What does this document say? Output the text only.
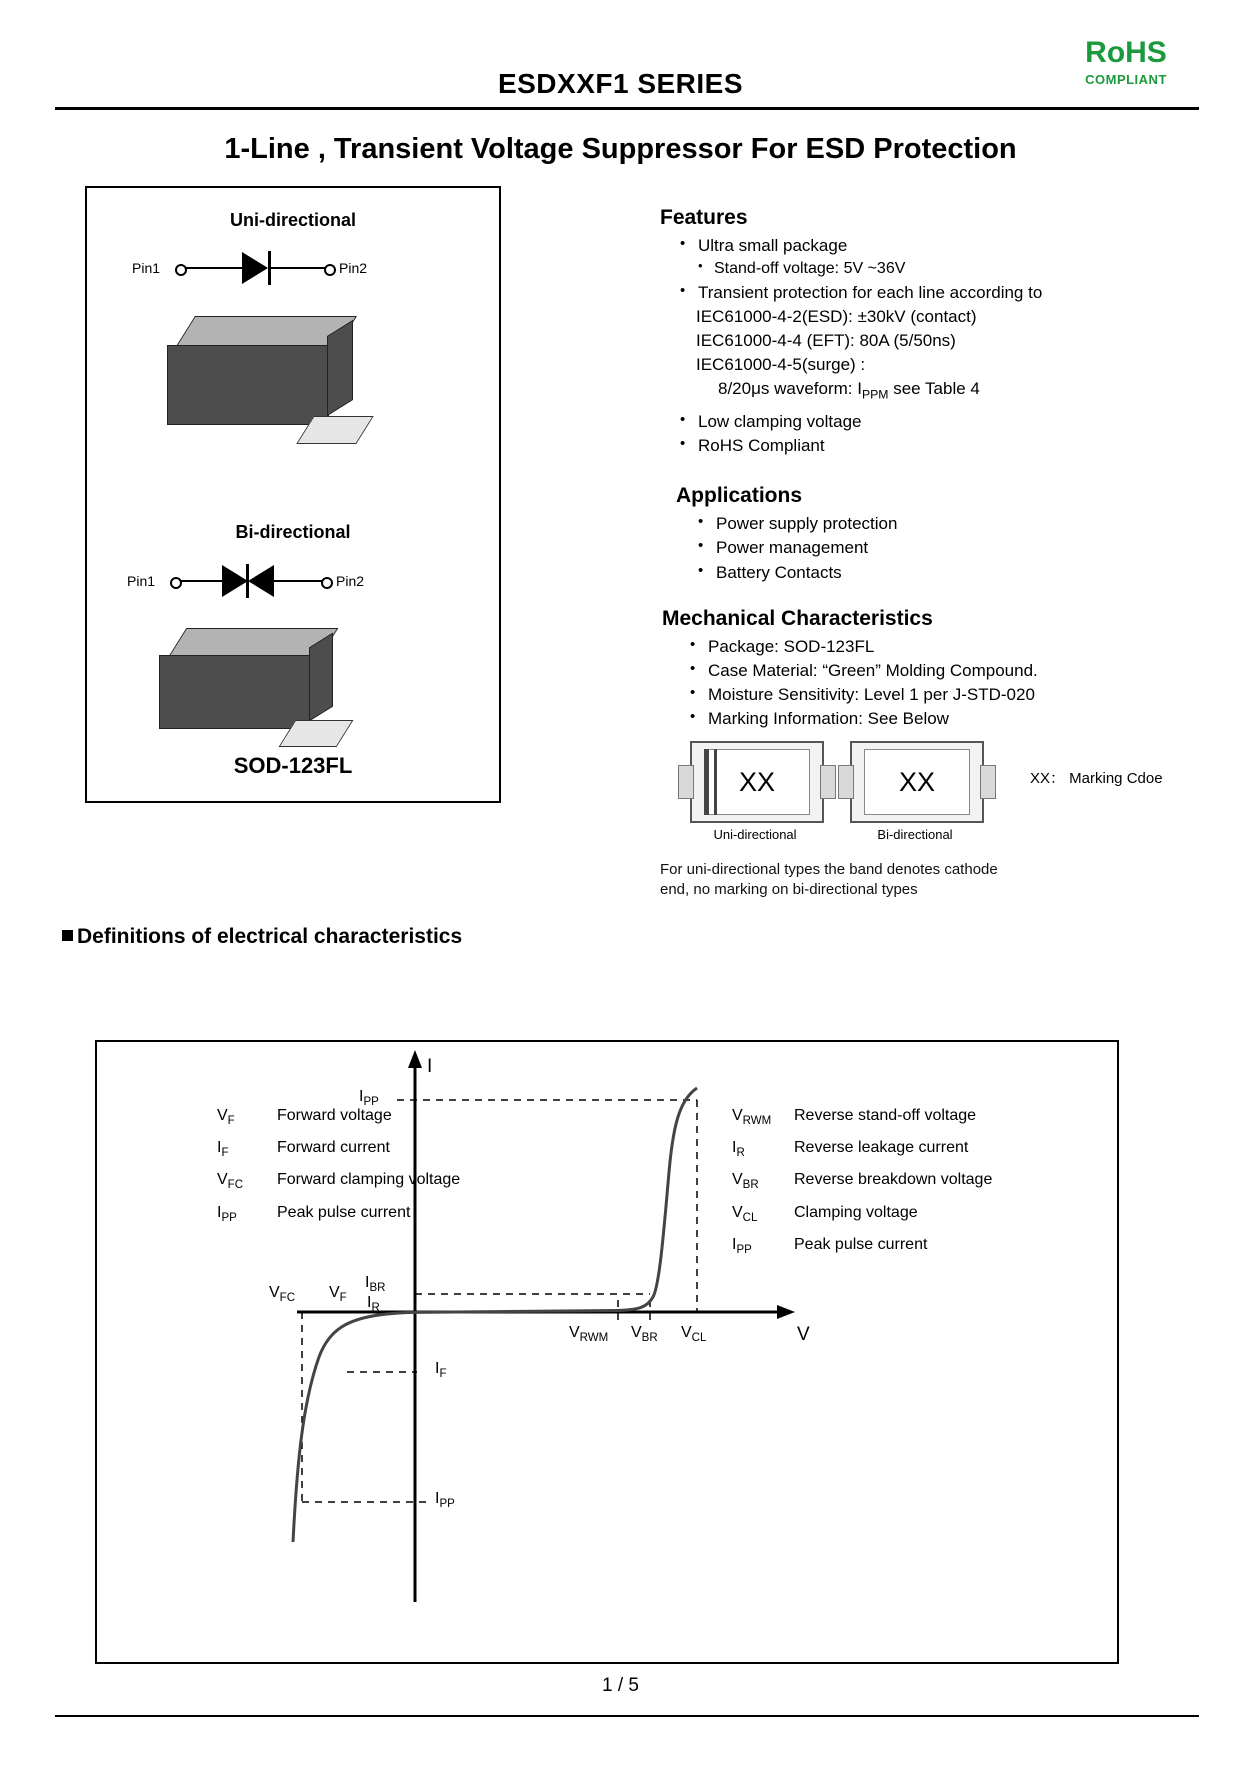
RoHS
COMPLIANT
ESDXXF1 SERIES
1-Line , Transient Voltage Suppressor For ESD Protection
Uni-directional
Pin1	Pin2
Bi-directional
Pin1	Pin2
SOD-123FL
Features
• Ultra small package
• Stand-off voltage: 5V ~36V
• Transient protection for each line according to
IEC61000-4-2(ESD): ±30kV (contact)
IEC61000-4-4 (EFT): 80A (5/50ns)
IEC61000-4-5(surge) :
8/20μs waveform: $I_{PPM}$ see Table 4
• Low clamping voltage
• RoHS Compliant
Applications
• Power supply protection
• Power management
• Battery Contacts
Mechanical Characteristics
• Package: SOD-123FL
• Case Material: “Green” Molding Compound.
• Moisture Sensitivity: Level 1 per J-STD-020
• Marking Information: See Below
XX
Uni-directional
XX
Bi-directional
XX： Marking Cdoe
For uni-directional types the band denotes cathode
end, no marking on bi-directional types
Definitions of electrical characteristics
$V_F$	Forward voltage
$I_F$	Forward current
$V_{FC}$	Forward clamping voltage
$I_{PP}$	Peak pulse current
$V_{RWM}$	Reverse stand-off voltage
$I_R$	Reverse leakage current
$V_{BR}$	Reverse breakdown voltage
$V_{CL}$	Clamping voltage
$I_{PP}$	Peak pulse current
I
V
$I_{PP}$
$I_{BR}$
$I_R$
$V_{FC}$ $V_F$
$V_{RWM}$ $V_{BR}$ $V_{CL}$
$I_F$
$I_{PP}$
1 / 5
